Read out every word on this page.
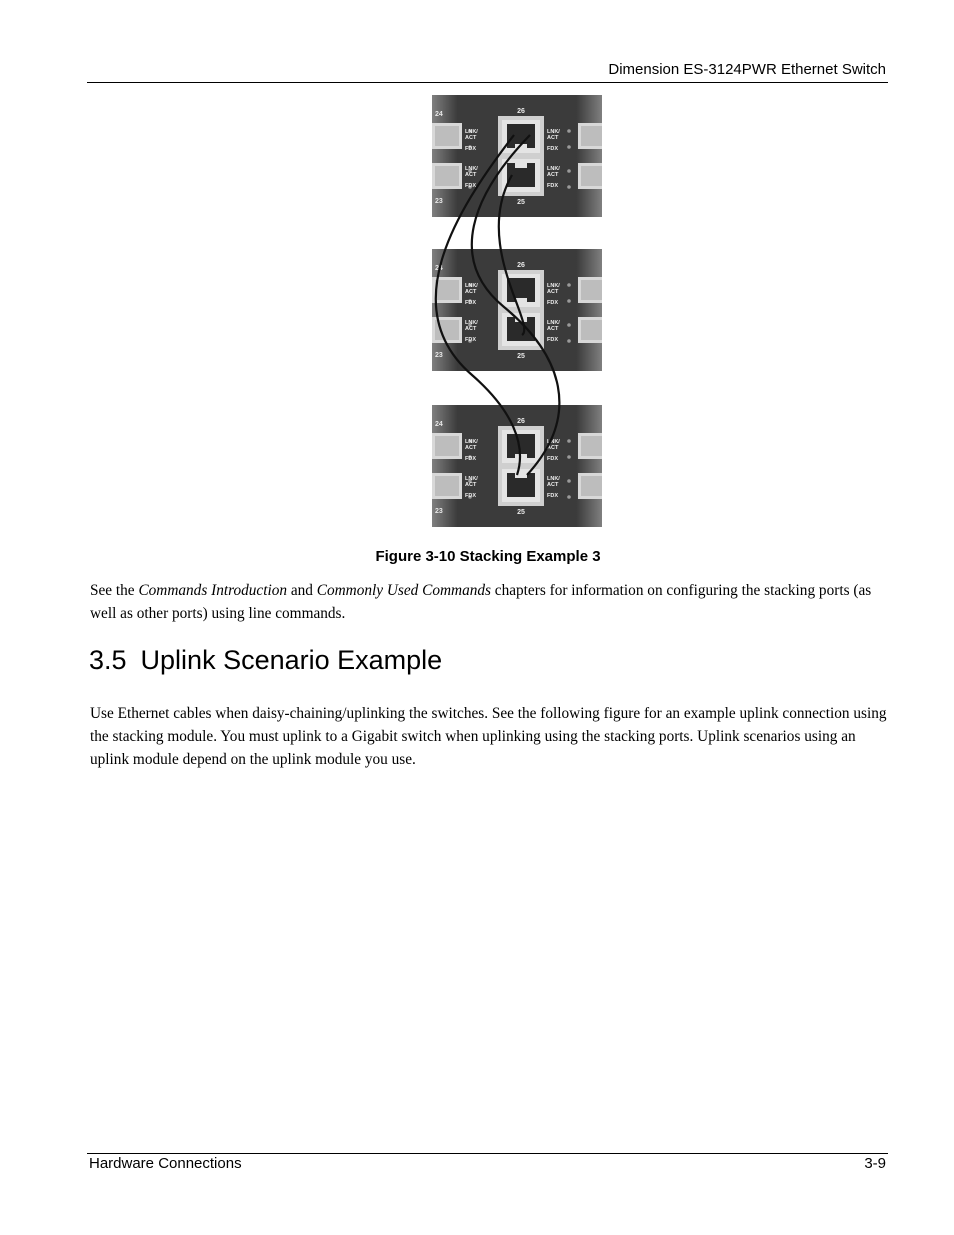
Dimension ES-3124PWR Ethernet Switch
26
25
24
23
LNK/
ACT
FDX
LNK/
ACT
FDX
LNK/
ACT
FDX
LNK/
ACT
FDX
26
25
24
23
LNK/
ACT
FDX
LNK/
ACT
FDX
LNK/
ACT
FDX
LNK/
ACT
FDX
26
25
24
23
LNK/
ACT
FDX
LNK/
ACT
FDX
LNK/
ACT
FDX
LNK/
ACT
FDX
Figure 3-10 Stacking Example 3

See the Commands Introduction and Commonly Used Commands chapters for information on configuring the stacking ports (as well as other ports) using line commands.

3.5 Uplink Scenario Example

Use Ethernet cables when daisy-chaining/uplinking the switches. See the following figure for an example uplink connection using the stacking module. You must uplink to a Gigabit switch when uplinking using the stacking ports. Uplink scenarios using an uplink module depend on the uplink module you use.

Hardware Connections	3-9
